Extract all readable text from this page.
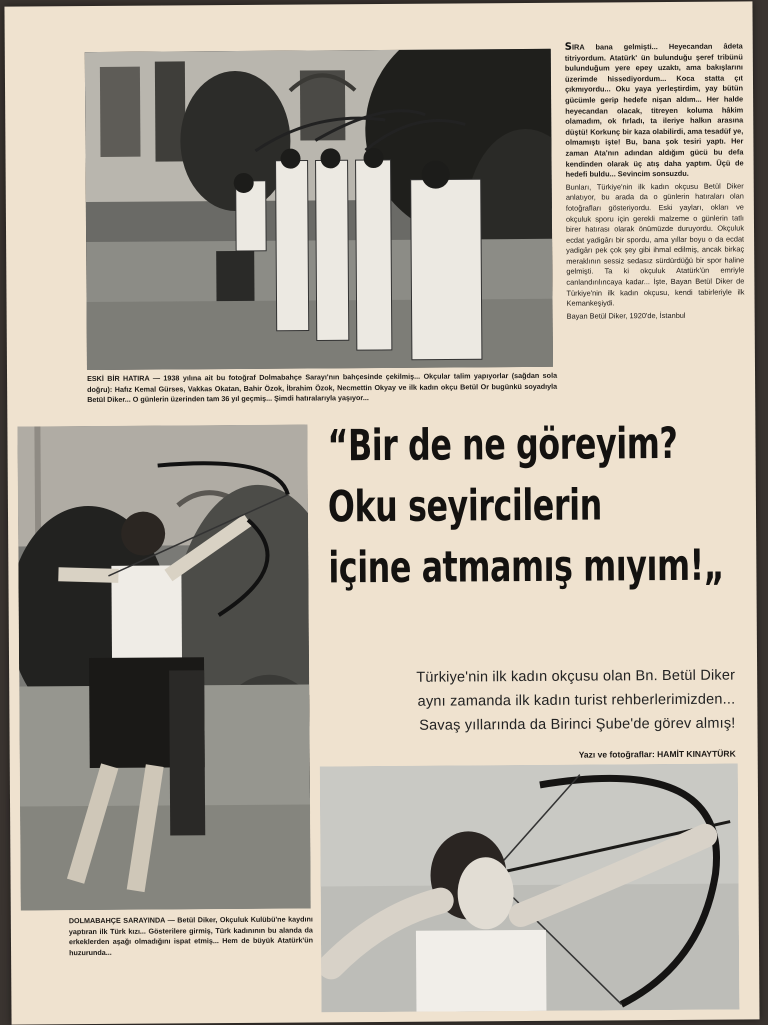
SIRA bana gelmişti... Heyecandan âdeta titriyordum. Atatürk' ün bulunduğu şeref tribünü bulunduğum yere epey uzaktı, ama bakışlarını üzerimde hissediyordum... Koca statta çıt çıkmıyordu... Oku yaya yerleştirdim, yay bütün gücümle gerip hedefe nişan aldım... Her halde heyecandan olacak, titreyen koluma hâkim olamadım, ok fırladı, ta ileriye halkın arasına düştü! Korkunç bir kaza olabilirdi, ama tesadüf ye, olmamıştı işte! Bu, bana şok tesiri yaptı. Her zaman Ata'nın adından aldığım gücü bu defa kendinden olarak üç atış daha yaptım. Üçü de hedefi buldu... Sevincim sonsuzdu.

Bunları, Türkiye'nin ilk kadın okçusu Betül Diker anlatıyor, bu arada da o günlerin hatıraları olan fotoğrafları gösteriyordu. Eski yayları, okları ve okçuluk sporu için gerekli malzeme o günlerin tatlı birer hatırası olarak önümüzde duruyordu. Okçuluk ecdat yadigârı bir spordu, ama yıllar boyu o da ecdat yadigârı pek çok şey gibi ihmal edilmiş, ancak birkaç meraklının sessiz sedasız sürdürdüğü bir spor haline gelmişti. Ta ki okçuluk Atatürk'ün emriyle canlandırılıncaya kadar... İşte, Bayan Betül Diker de Türkiye'nin ilk kadın okçusu, kendi tabirleriyle ilk Kemankeşiydi.

Bayan Betül Diker, 1920'de, İstanbul

ESKİ BİR HATIRA — 1938 yılına ait bu fotoğraf Dolmabahçe Sarayı'nın bahçesinde çekilmiş... Okçular talim yapıyorlar (sağdan sola doğru): Hafız Kemal Gürses, Vakkas Okatan, Bahir Özok, İbrahim Özok, Necmettin Okyay ve ilk kadın okçu Betül Or bugünkü soyadıyla Betül Diker... O günlerin üzerinden tam 36 yıl geçmiş... Şimdi hatıralarıyla yaşıyor...
“Bir de ne göreyim?
Oku seyircilerin
içine atmamış mıyım!„
Türkiye'nin ilk kadın okçusu olan Bn. Betül Diker
aynı zamanda ilk kadın turist rehberlerimizden...
Savaş yıllarında da Birinci Şube'de görev almış!
Yazı ve fotoğraflar: HAMİT KINAYTÜRK
DOLMABAHÇE SARAYINDA — Betül Diker, Okçuluk Kulübü'ne kaydını yaptıran ilk Türk kızı... Gösterilere girmiş, Türk kadınının bu alanda da erkeklerden aşağı olmadığını ispat etmiş... Hem de büyük Atatürk'ün huzurunda...
